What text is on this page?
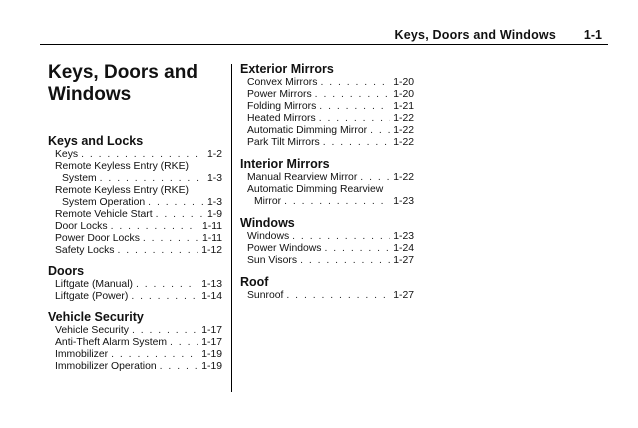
Keys, Doors and Windows 1-1
Keys, Doors and
Windows
Keys and Locks
Keys . . .	1-2
Remote Keyless Entry (RKE)
System . . .	1-3
Remote Keyless Entry (RKE)
System Operation . . .	1-3
Remote Vehicle Start . . .	1-9
Door Locks . . .	1-11
Power Door Locks . . .	1-11
Safety Locks . . .	1-12
Doors
Liftgate (Manual) . . .	1-13
Liftgate (Power) . . .	1-14
Vehicle Security
Vehicle Security . . .	1-17
Anti-Theft Alarm System . . .	1-17
Immobilizer . . .	1-19
Immobilizer Operation . . .	1-19
Exterior Mirrors
Convex Mirrors . . .	1-20
Power Mirrors . . .	1-20
Folding Mirrors . . .	1-21
Heated Mirrors . . .	1-22
Automatic Dimming Mirror . . .	1-22
Park Tilt Mirrors . . .	1-22
Interior Mirrors
Manual Rearview Mirror . . .	1-22
Automatic Dimming Rearview
Mirror . . .	1-23
Windows
Windows . . .	1-23
Power Windows . . .	1-24
Sun Visors . . .	1-27
Roof
Sunroof . . .	1-27
